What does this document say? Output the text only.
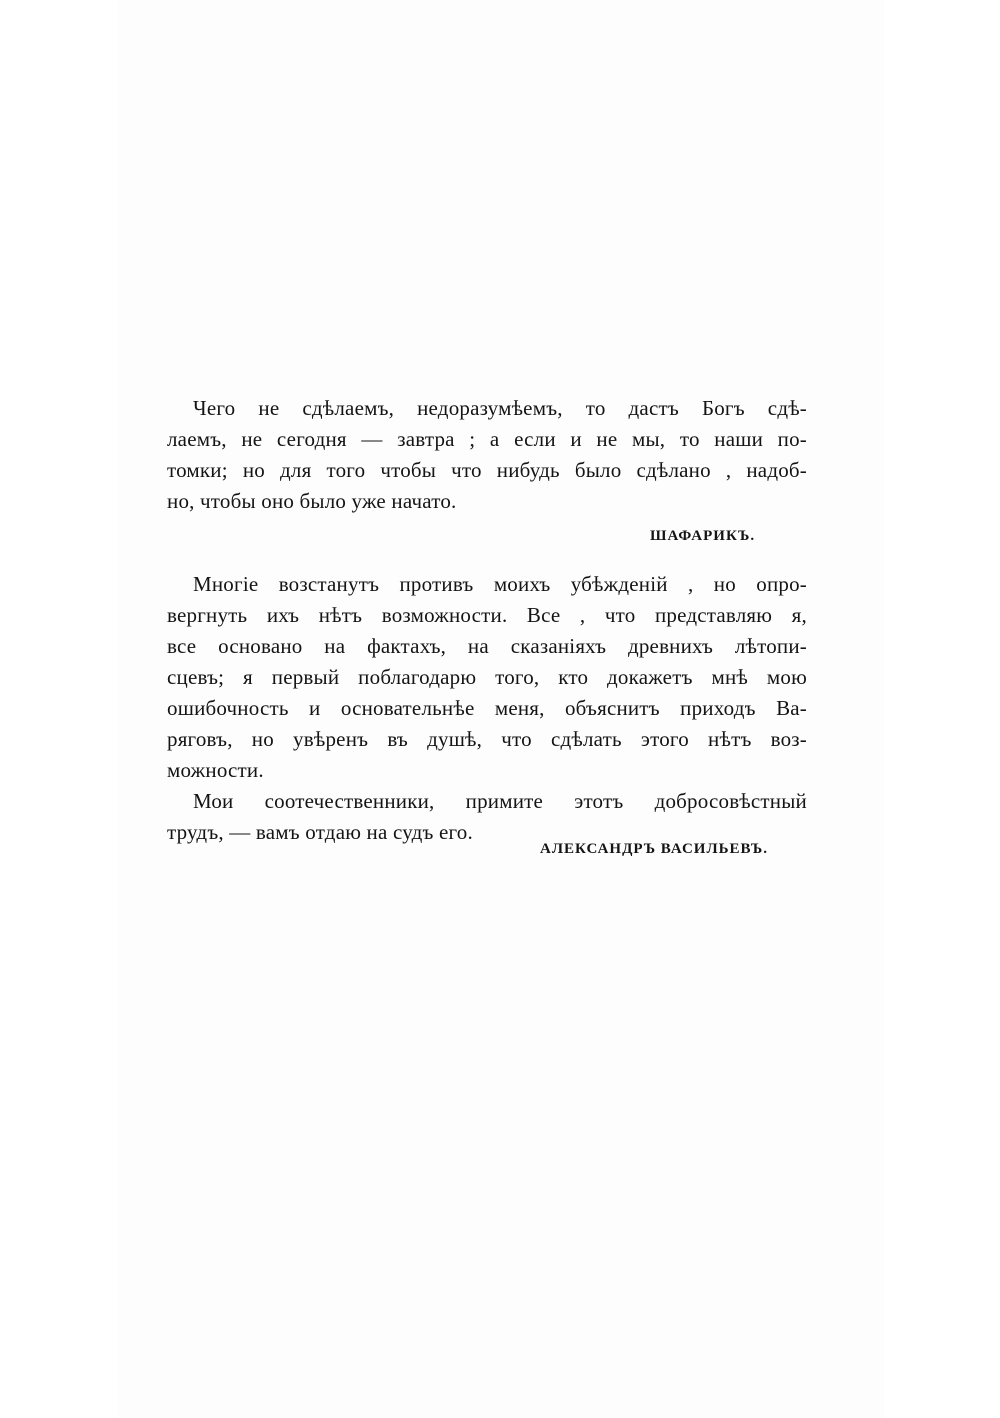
Чего не сдѣлаемъ, недоразумѣемъ, то дастъ Богъ сдѣ-
лаемъ, не сегодня — завтра ; а если и не мы, то наши по-
томки; но для того чтобы что нибудь было сдѣлано , надоб-
но, чтобы оно было уже начато.
ШАФАРИКЪ.
Многіе возстанутъ противъ моихъ убѣжденій , но опро-
вергнуть ихъ нѣтъ возможности. Все , что представляю я,
все основано на фактахъ, на сказаніяхъ древнихъ лѣтопи-
сцевъ; я первый поблагодарю того, кто докажетъ мнѣ мою
ошибочность и основательнѣе меня, объяснитъ приходъ Ва-
ряговъ, но увѣренъ въ душѣ, что сдѣлать этого нѣтъ воз-
можности.
Мои соотечественники, примите этотъ добросовѣстный
трудъ, — вамъ отдаю на судъ его.
АЛЕКСАНДРЪ ВАСИЛЬЕВЪ.
